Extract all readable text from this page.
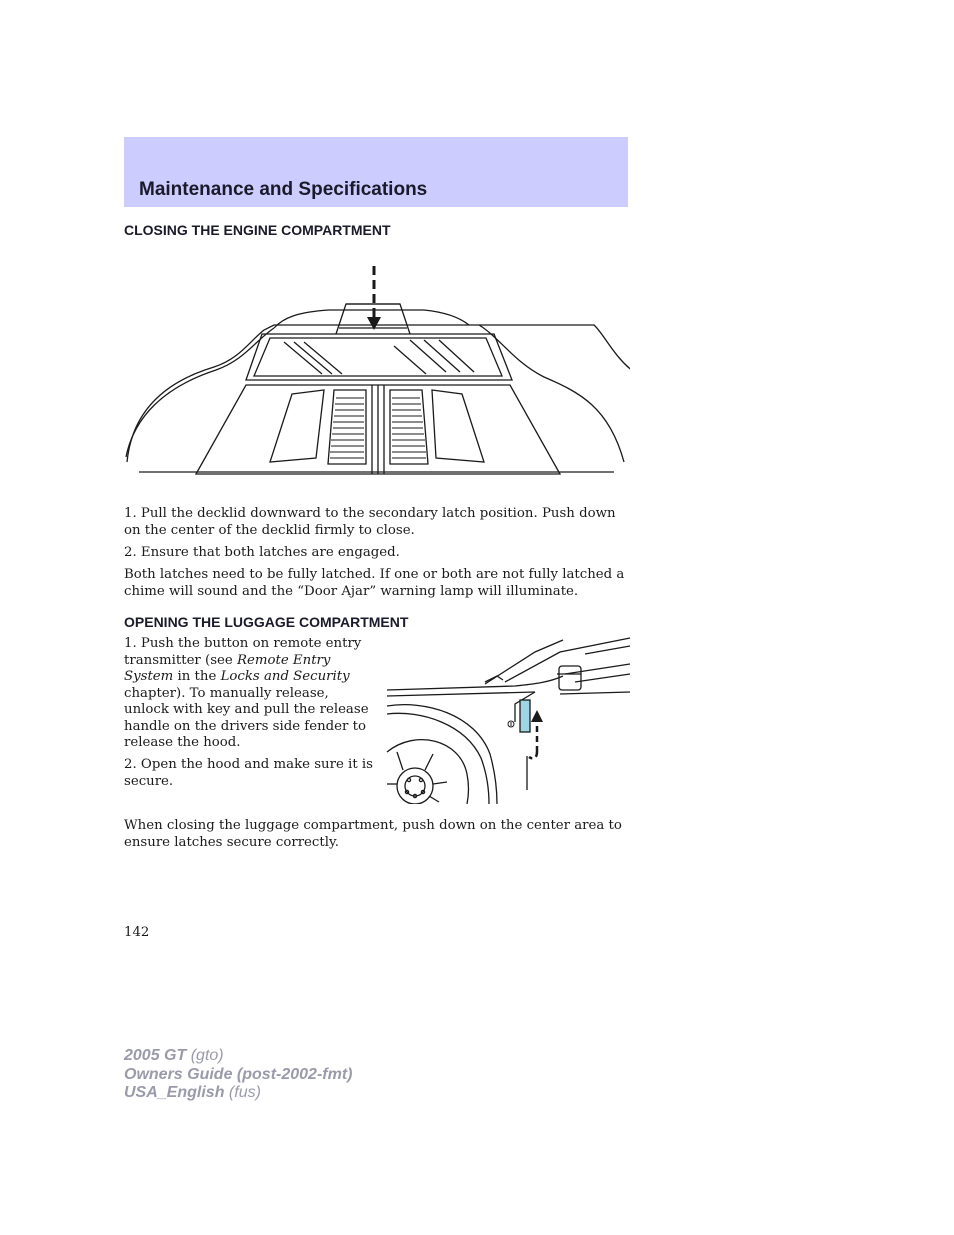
Maintenance and Specifications
CLOSING THE ENGINE COMPARTMENT

1. Pull the decklid downward to the secondary latch position. Push down on the center of the decklid firmly to close.

2. Ensure that both latches are engaged.

Both latches need to be fully latched. If one or both are not fully latched a chime will sound and the “Door Ajar” warning lamp will illuminate.

OPENING THE LUGGAGE COMPARTMENT

1. Push the button on remote entry transmitter (see Remote Entry System in the Locks and Security chapter). To manually release, unlock with key and pull the release handle on the drivers side fender to release the hood.

2. Open the hood and make sure it is secure.

When closing the luggage compartment, push down on the center area to ensure latches secure correctly.

142
2005 GT (gto)
Owners Guide (post-2002-fmt)
USA_English (fus)
